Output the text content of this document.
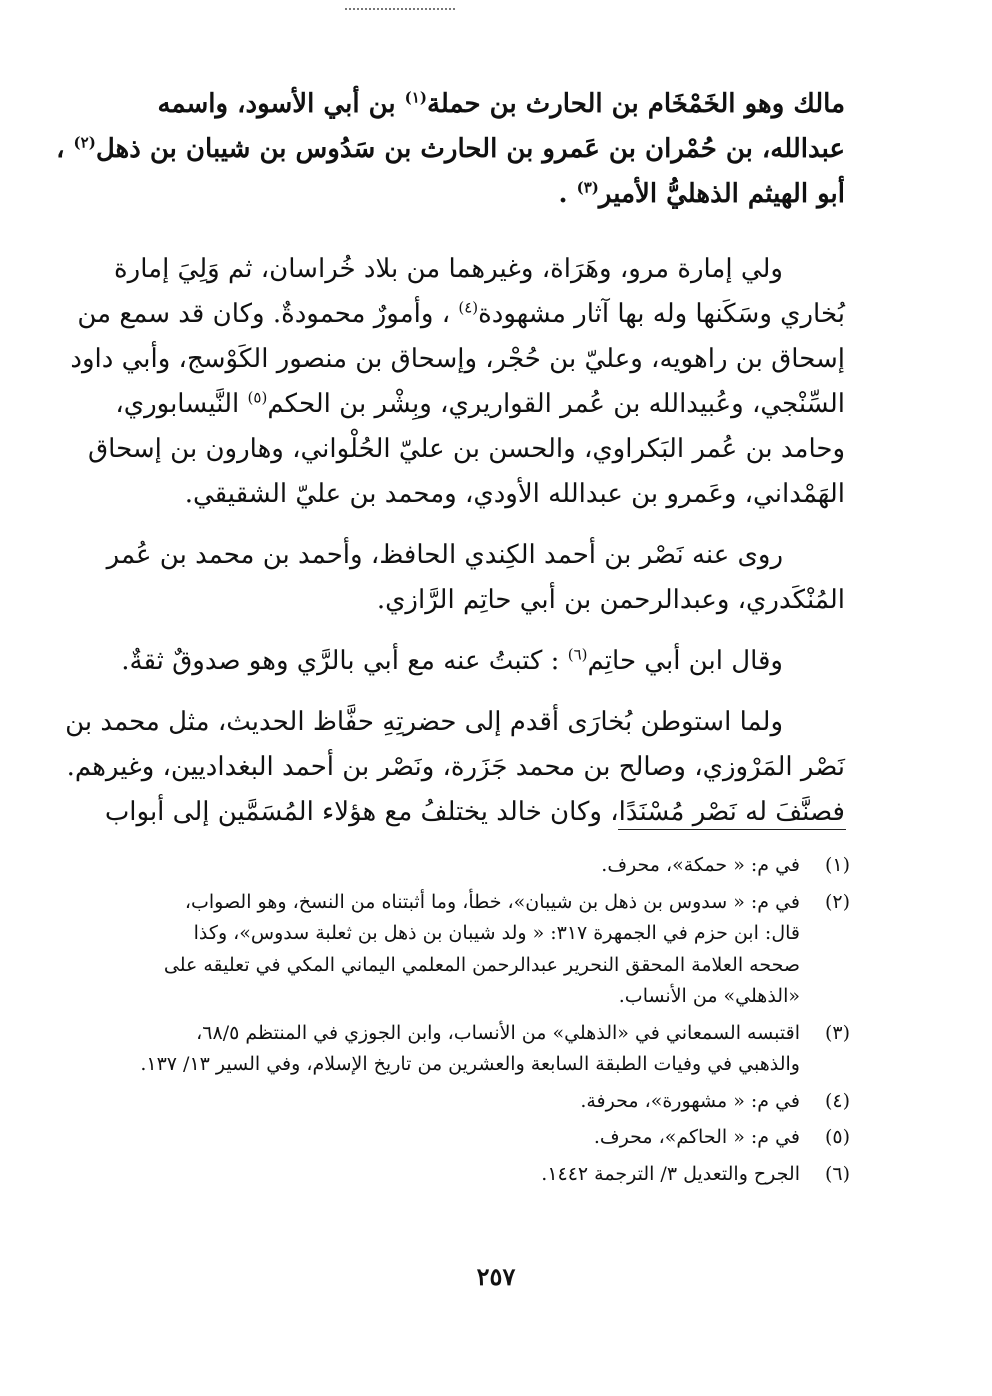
مالك وهو الخَمْخَام بن الحارث بن حملة$^{(١)}$ بن أبي الأسود، واسمه
عبدالله، بن حُمْران بن عَمرو بن الحارث بن سَدُوس بن شيبان بن ذهل$^{(٢)}$ ،
أبو الهيثم الذهليُّ الأمير$^{(٣)}$ .

ولي إمارة مرو، وهَرَاة، وغيرهما من بلاد خُراسان، ثم وَلِيَ إمارة
بُخاري وسَكَنها وله بها آثار مشهودة$^{(٤)}$ ، وأمورٌ محمودةٌ. وكان قد سمع من
إسحاق بن راهويه، وعليّ بن حُجْر، وإسحاق بن منصور الكَوْسج، وأبي داود
السِّنْجي، وعُبيدالله بن عُمر القواريري، وبِشْر بن الحكم$^{(٥)}$ النَّيسابوري،
وحامد بن عُمر البَكراوي، والحسن بن عليّ الحُلْواني، وهارون بن إسحاق
الهَمْداني، وعَمرو بن عبدالله الأودي، ومحمد بن عليّ الشقيقي.

روى عنه نَصْر بن أحمد الكِندي الحافظ، وأحمد بن محمد بن عُمر
المُنْكَدري، وعبدالرحمن بن أبي حاتِم الرَّازي.

وقال ابن أبي حاتِم$^{(٦)}$ : كتبتُ عنه مع أبي بالرَّي وهو صدوقٌ ثقةٌ.

ولما استوطن بُخارَى أقدم إلى حضرتِهِ حفَّاظ الحديث، مثل محمد بن
نَصْر المَرْوزي، وصالح بن محمد جَزَرة، ونَصْر بن أحمد البغداديين، وغيرهم.
فصنَّفَ له نَصْر مُسْنَدًا، وكان خالد يختلفُ مع هؤلاء المُسَمَّين إلى أبواب

(١)
في م: « حمكة»، محرف.
(٢)
في م: « سدوس بن ذهل بن شيبان»، خطأ، وما أثبتناه من النسخ، وهو الصواب،
قال: ابن حزم في الجمهرة ٣١٧: « ولد شيبان بن ذهل بن ثعلبة سدوس»، وكذا
صححه العلامة المحقق النحرير عبدالرحمن المعلمي اليماني المكي في تعليقه على
«الذهلي» من الأنساب.
(٣)
اقتبسه السمعاني في «الذهلي» من الأنساب، وابن الجوزي في المنتظم ٦٨/٥،
والذهبي في وفيات الطبقة السابعة والعشرين من تاريخ الإسلام، وفي السير ١٣/ ١٣٧.
(٤)
في م: « مشهورة»، محرفة.
(٥)
في م: « الحاكم»، محرف.
(٦)
الجرح والتعديل ٣/ الترجمة ١٤٤٢.
٢٥٧
